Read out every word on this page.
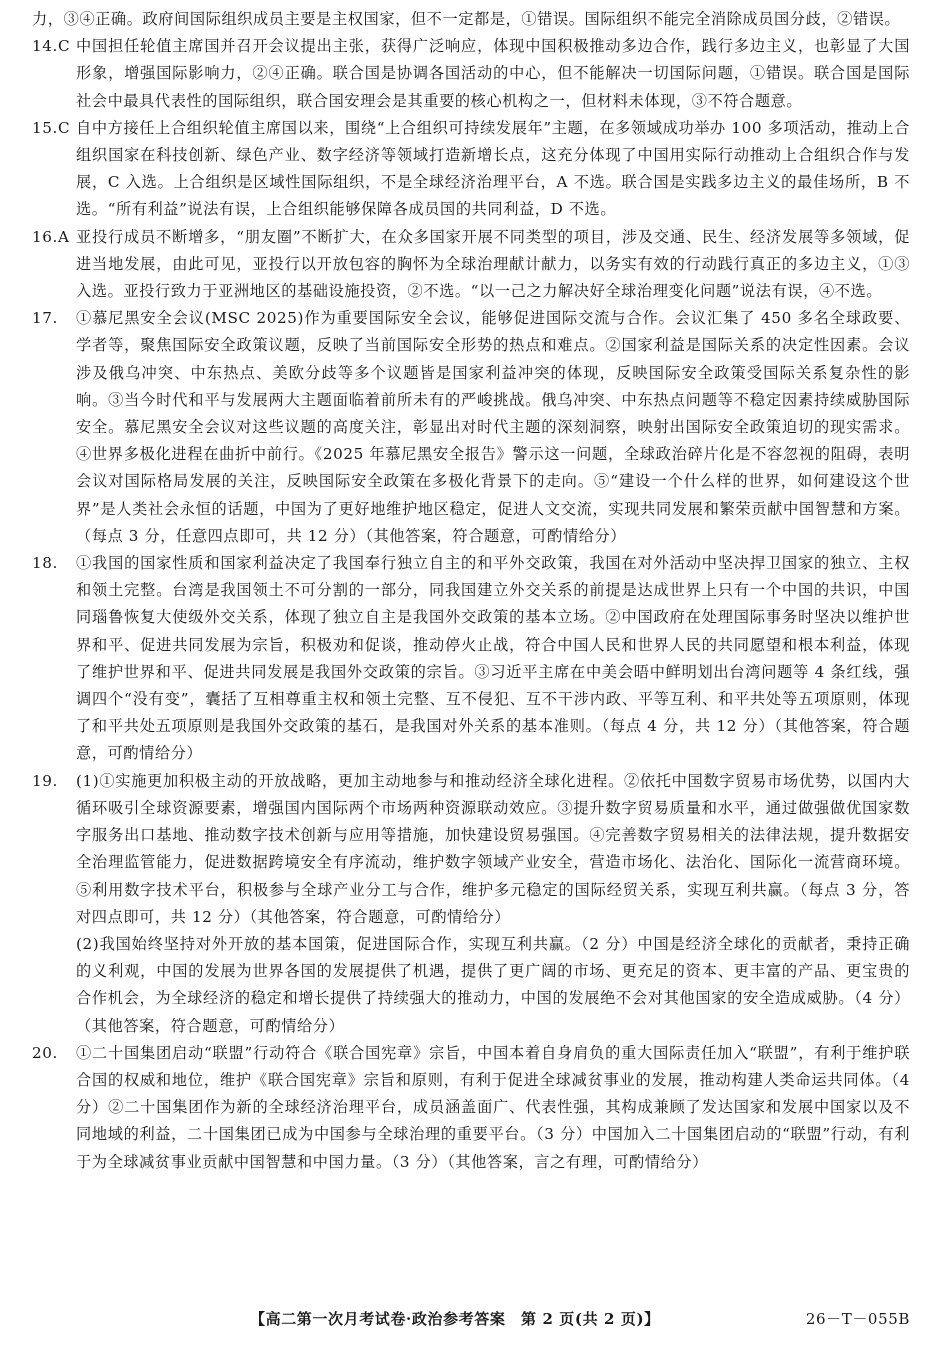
力，③④正确。政府间国际组织成员主要是主权国家，但不一定都是，①错误。国际组织不能完全消除成员国分歧，②错误。
14.C 中国担任轮值主席国并召开会议提出主张，获得广泛响应，体现中国积极推动多边合作，践行多边主义，也彰显了大国形象，增强国际影响力，②④正确。联合国是协调各国活动的中心，但不能解决一切国际问题，①错误。联合国是国际社会中最具代表性的国际组织，联合国安理会是其重要的核心机构之一，但材料未体现，③不符合题意。
15.C 自中方接任上合组织轮值主席国以来，围绕“上合组织可持续发展年”主题，在多领域成功举办 100 多项活动，推动上合组织国家在科技创新、绿色产业、数字经济等领域打造新增长点，这充分体现了中国用实际行动推动上合组织合作与发展，C 入选。上合组织是区域性国际组织，不是全球经济治理平台，A 不选。联合国是实践多边主义的最佳场所，B 不选。“所有利益”说法有误，上合组织能够保障各成员国的共同利益，D 不选。
16.A 亚投行成员不断增多，“朋友圈”不断扩大，在众多国家开展不同类型的项目，涉及交通、民生、经济发展等多领域，促进当地发展，由此可见，亚投行以开放包容的胸怀为全球治理献计献力，以务实有效的行动践行真正的多边主义，①③入选。亚投行致力于亚洲地区的基础设施投资，②不选。“以一己之力解决好全球治理变化问题”说法有误，④不选。
17.	①慕尼黑安全会议(MSC 2025)作为重要国际安全会议，能够促进国际交流与合作。会议汇集了 450 多名全球政要、学者等，聚焦国际安全政策议题，反映了当前国际安全形势的热点和难点。②国家利益是国际关系的决定性因素。会议涉及俄乌冲突、中东热点、美欧分歧等多个议题皆是国家利益冲突的体现，反映国际安全政策受国际关系复杂性的影响。③当今时代和平与发展两大主题面临着前所未有的严峻挑战。俄乌冲突、中东热点问题等不稳定因素持续威胁国际安全。慕尼黑安全会议对这些议题的高度关注，彰显出对时代主题的深刻洞察，映射出国际安全政策迫切的现实需求。④世界多极化进程在曲折中前行。《2025 年慕尼黑安全报告》警示这一问题，全球政治碎片化是不容忽视的阻碍，表明会议对国际格局发展的关注，反映国际安全政策在多极化背景下的走向。⑤“建设一个什么样的世界，如何建设这个世界”是人类社会永恒的话题，中国为了更好地维护地区稳定，促进人文交流，实现共同发展和繁荣贡献中国智慧和方案。（每点 3 分，任意四点即可，共 12 分）（其他答案，符合题意，可酌情给分）
18.	①我国的国家性质和国家利益决定了我国奉行独立自主的和平外交政策，我国在对外活动中坚决捍卫国家的独立、主权和领土完整。台湾是我国领土不可分割的一部分，同我国建立外交关系的前提是达成世界上只有一个中国的共识，中国同瑙鲁恢复大使级外交关系，体现了独立自主是我国外交政策的基本立场。②中国政府在处理国际事务时坚决以维护世界和平、促进共同发展为宗旨，积极劝和促谈，推动停火止战，符合中国人民和世界人民的共同愿望和根本利益，体现了维护世界和平、促进共同发展是我国外交政策的宗旨。③习近平主席在中美会晤中鲜明划出台湾问题等 4 条红线，强调四个“没有变”，囊括了互相尊重主权和领土完整、互不侵犯、互不干涉内政、平等互利、和平共处等五项原则，体现了和平共处五项原则是我国外交政策的基石，是我国对外关系的基本准则。（每点 4 分，共 12 分）（其他答案，符合题意，可酌情给分）
19.	(1)①实施更加积极主动的开放战略，更加主动地参与和推动经济全球化进程。②依托中国数字贸易市场优势，以国内大循环吸引全球资源要素，增强国内国际两个市场两种资源联动效应。③提升数字贸易质量和水平，通过做强做优国家数字服务出口基地、推动数字技术创新与应用等措施，加快建设贸易强国。④完善数字贸易相关的法律法规，提升数据安全治理监管能力，促进数据跨境安全有序流动，维护数字领域产业安全，营造市场化、法治化、国际化一流营商环境。⑤利用数字技术平台，积极参与全球产业分工与合作，维护多元稳定的国际经贸关系，实现互利共赢。（每点 3 分，答对四点即可，共 12 分）（其他答案，符合题意，可酌情给分）
(2)我国始终坚持对外开放的基本国策，促进国际合作，实现互利共赢。（2 分）中国是经济全球化的贡献者，秉持正确的义利观，中国的发展为世界各国的发展提供了机遇，提供了更广阔的市场、更充足的资本、更丰富的产品、更宝贵的合作机会，为全球经济的稳定和增长提供了持续强大的推动力，中国的发展绝不会对其他国家的安全造成威胁。（4 分）（其他答案，符合题意，可酌情给分）
20.	①二十国集团启动“联盟”行动符合《联合国宪章》宗旨，中国本着自身肩负的重大国际责任加入“联盟”，有利于维护联合国的权威和地位，维护《联合国宪章》宗旨和原则，有利于促进全球减贫事业的发展，推动构建人类命运共同体。（4 分）②二十国集团作为新的全球经济治理平台，成员涵盖面广、代表性强，其构成兼顾了发达国家和发展中国家以及不同地域的利益，二十国集团已成为中国参与全球治理的重要平台。（3 分）中国加入二十国集团启动的“联盟”行动，有利于为全球减贫事业贡献中国智慧和中国力量。（3 分）（其他答案，言之有理，可酌情给分）
【高二第一次月考试卷·政治参考答案　第 2 页(共 2 页)】	26－T－055B
